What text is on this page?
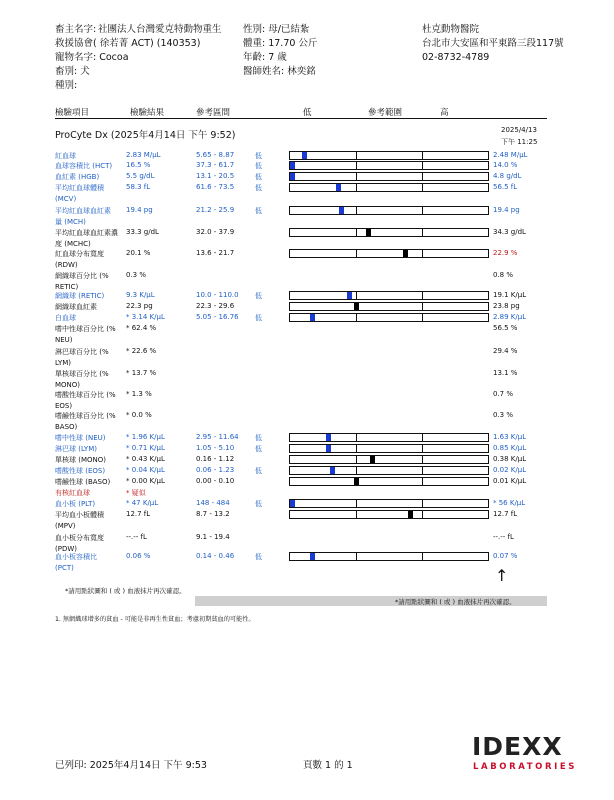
畜主名字: 社團法人台灣愛克特動物重生
救援協會( 徐若菁 ACT) (140353)
寵物名字: Cocoa
畜別: 犬
種別:
性別: 母/已結紮
體重: 17.70 公斤
年齡: 7 歲
醫師姓名: 林奕銘
杜克動物醫院
台北市大安區和平東路三段117號
02-8732-4789
檢驗項目	檢驗結果	參考區間	低	參考範圍	高
ProCyte Dx (2025年4月14日 下午 9:52)	2025/4/13
下午 11:25
紅血球	2.83 M/µL	5.65 - 8.87	低	2.48 M/µL
血球容積比 (HCT) 16.5 %	37.3 - 61.7	低	14.0 %
血紅素 (HGB)	5.5 g/dL	13.1 - 20.5	低	4.8 g/dL
平均紅血球體積
(MCV)
58.3 fL	61.6 - 73.5	低	56.5 fL
平均紅血球血紅素
量 (MCH)
19.4 pg	21.2 - 25.9	低	19.4 pg
平均紅血球血紅素濃
度 (MCHC)
33.3 g/dL	32.0 - 37.9	34.3 g/dL
紅血球分布寬度
(RDW)
20.1 %	13.6 - 21.7	22.9 %
網織球百分比 (%
RETIC)
0.3 %	0.8 %
網織球 (RETIC)	9.3 K/µL	10.0 - 110.0 低	19.1 K/µL
網織球血紅素	22.3 pg	22.3 - 29.6	23.8 pg
白血球	* 3.14 K/µL	5.05 - 16.76 低	2.89 K/µL
嗜中性球百分比 (%
NEU)
* 62.4 %	56.5 %
淋巴球百分比 (%
LYM)
* 22.6 %	29.4 %
單核球百分比 (%
MONO)
* 13.7 %	13.1 %
嗜酸性球百分比 (%
EOS)
* 1.3 %	0.7 %
嗜鹼性球百分比 (%
BASO)
* 0.0 %	0.3 %
嗜中性球 (NEU)	* 1.96 K/µL	2.95 - 11.64 低	1.63 K/µL
淋巴球 (LYM)	* 0.71 K/µL	1.05 - 5.10	低	0.85 K/µL
單核球 (MONO)	* 0.43 K/µL	0.16 - 1.12	0.38 K/µL
嗜酸性球 (EOS)	* 0.04 K/µL	0.06 - 1.23	低	0.02 K/µL
嗜鹼性球 (BASO) * 0.00 K/µL	0.00 - 0.10	0.01 K/µL
有核紅血球	* 疑似
血小板 (PLT)	* 47 K/µL	148 - 484	低	* 56 K/µL
平均血小板體積
(MPV)
12.7 fL	8.7 - 13.2	12.7 fL
血小板分布寬度
(PDW)
--.-- fL	9.1 - 19.4	--.-- fL
血小板容積比
(PCT)
0.06 %	0.14 - 0.46	低	0.07 %
*請用點狀圖和 ( 或 ) 血液抹片再次確認。
↑
*請用點狀圖和 ( 或 ) 血液抹片再次確認。
1. 無網織球增多的貧血 - 可能是非再生性貧血；考慮初期貧血的可能性。
已列印: 2025年4月14日 下午 9:53	頁數 1 的 1
IDEXX
LABORATORIES
